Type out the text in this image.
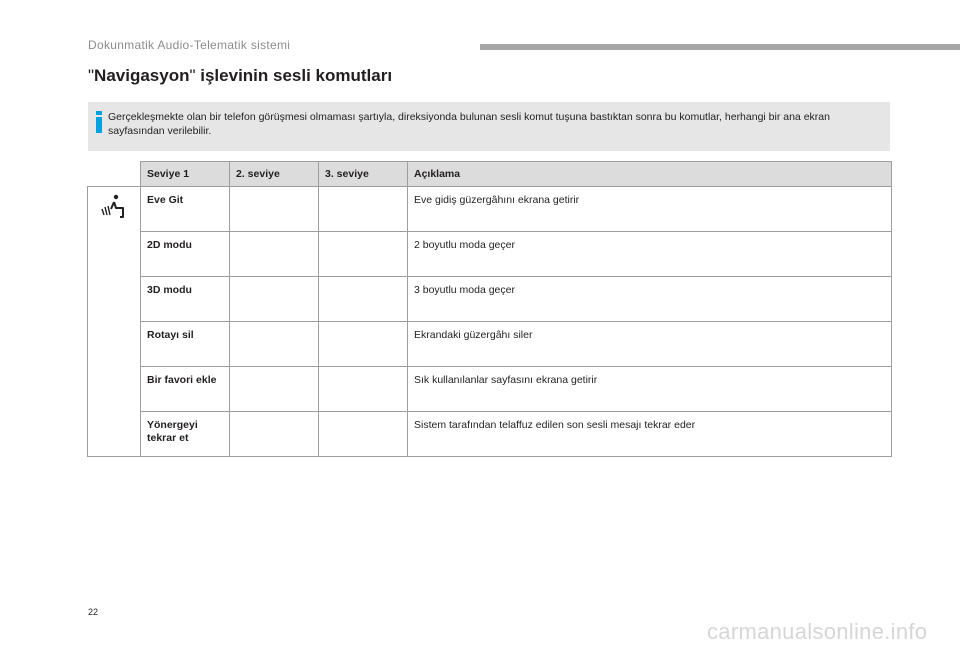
Dokunmatik Audio-Telematik sistemi
"Navigasyon" işlevinin sesli komutları
Gerçekleşmekte olan bir telefon görüşmesi olmaması şartıyla, direksiyonda bulunan sesli komut tuşuna bastıktan sonra bu komutlar, herhangi bir ana ekran sayfasından verilebilir.
	Seviye 1	2. seviye	3. seviye	Açıklama
	Eve Git			Eve gidiş güzergâhını ekrana getirir
	2D modu			2 boyutlu moda geçer
	3D modu			3 boyutlu moda geçer
	Rotayı sil			Ekrandaki güzergâhı siler
	Bir favori ekle			Sık kullanılanlar sayfasını ekrana getirir
	Yönergeyi tekrar et			Sistem tarafından telaffuz edilen son sesli mesajı tekrar eder
22
carmanualsonline.info
